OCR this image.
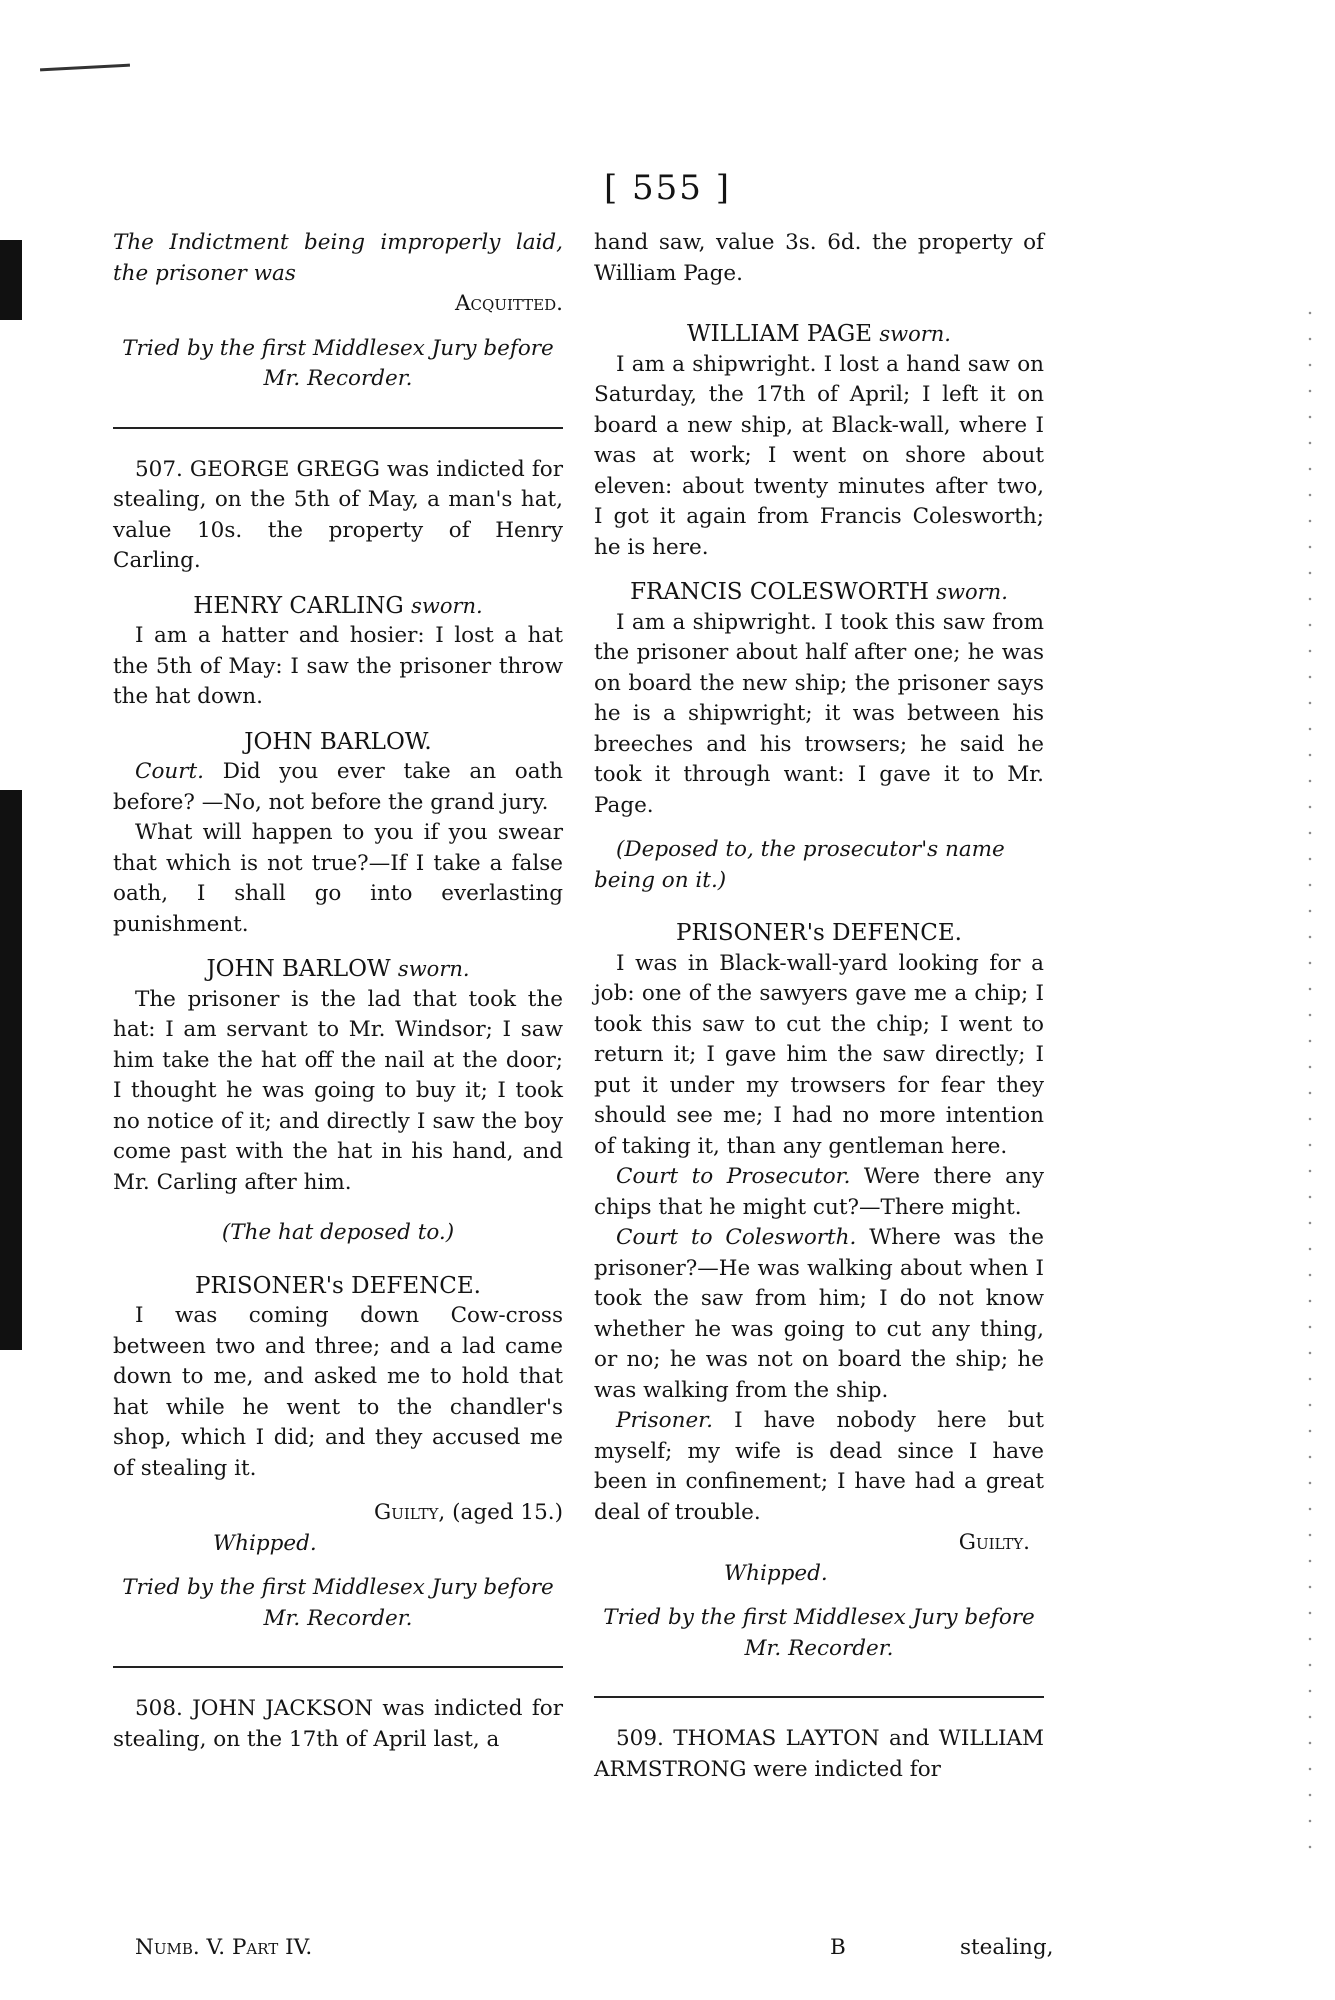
[ 555 ]

The Indictment being improperly laid, the prisoner was

Acquitted.

Tried by the first Middlesex Jury before

Mr. Recorder.

507. GEORGE GREGG was indicted for stealing, on the 5th of May, a man's hat, value 10s. the property of Henry Carling.

HENRY CARLING sworn.

I am a hatter and hosier: I lost a hat the 5th of May: I saw the prisoner throw the hat down.

JOHN BARLOW.

Court. Did you ever take an oath before? —No, not before the grand jury.

What will happen to you if you swear that which is not true?—If I take a false oath, I shall go into everlasting punishment.

JOHN BARLOW sworn.

The prisoner is the lad that took the hat: I am servant to Mr. Windsor; I saw him take the hat off the nail at the door; I thought he was going to buy it; I took no notice of it; and directly I saw the boy come past with the hat in his hand, and Mr. Carling after him.

(The hat deposed to.)

PRISONER's DEFENCE.

I was coming down Cow-cross between two and three; and a lad came down to me, and asked me to hold that hat while he went to the chandler's shop, which I did; and they accused me of stealing it.

Guilty, (aged 15.)

Whipped.

Tried by the first Middlesex Jury before

Mr. Recorder.

508. JOHN JACKSON was indicted for stealing, on the 17th of April last, a

hand saw, value 3s. 6d. the property of William Page.

WILLIAM PAGE sworn.

I am a shipwright. I lost a hand saw on Saturday, the 17th of April; I left it on board a new ship, at Black-wall, where I was at work; I went on shore about eleven: about twenty minutes after two, I got it again from Francis Colesworth; he is here.

FRANCIS COLESWORTH sworn.

I am a shipwright. I took this saw from the prisoner about half after one; he was on board the new ship; the prisoner says he is a shipwright; it was between his breeches and his trowsers; he said he took it through want: I gave it to Mr. Page.

(Deposed to, the prosecutor's name being on it.)

PRISONER's DEFENCE.

I was in Black-wall-yard looking for a job: one of the sawyers gave me a chip; I took this saw to cut the chip; I went to return it; I gave him the saw directly; I put it under my trowsers for fear they should see me; I had no more intention of taking it, than any gentleman here.

Court to Prosecutor. Were there any chips that he might cut?—There might.

Court to Colesworth. Where was the prisoner?—He was walking about when I took the saw from him; I do not know whether he was going to cut any thing, or no; he was not on board the ship; he was walking from the ship.

Prisoner. I have nobody here but myself; my wife is dead since I have been in confinement; I have had a great deal of trouble.

Guilty.

Whipped.

Tried by the first Middlesex Jury before

Mr. Recorder.

509. THOMAS LAYTON and WILLIAM ARMSTRONG were indicted for

Numb. V. Part IV.	B	stealing,
